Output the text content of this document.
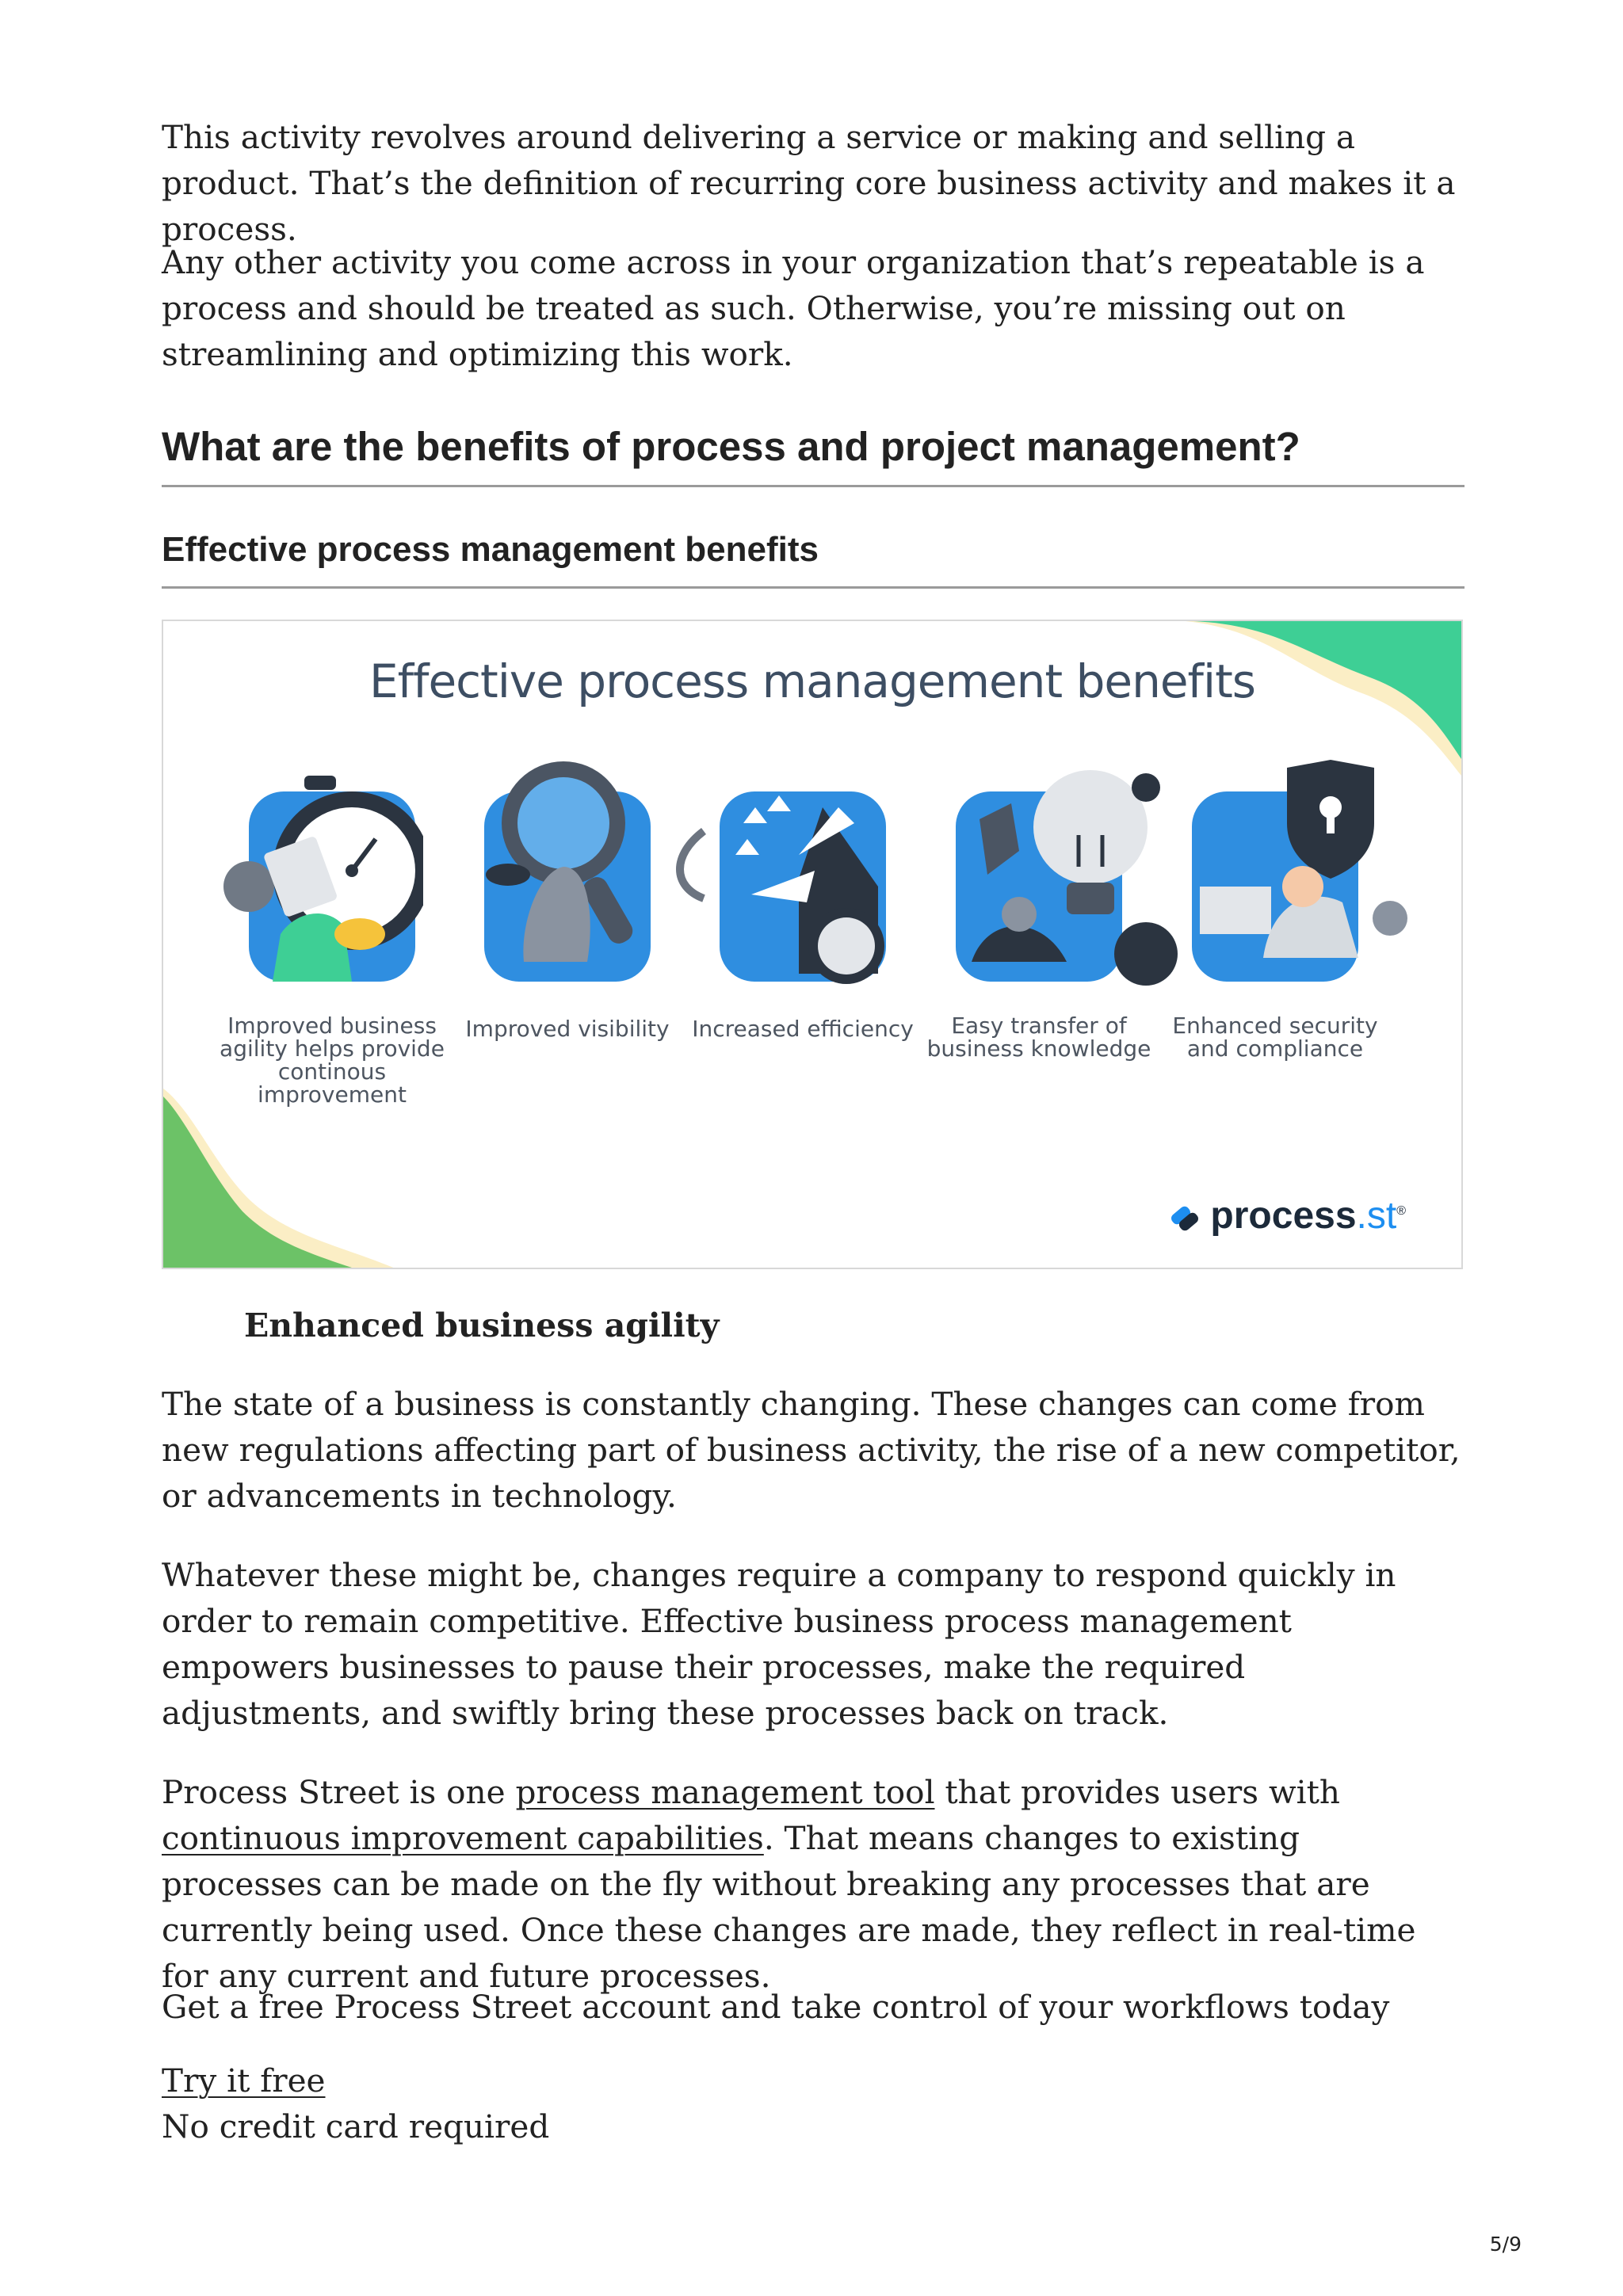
This activity revolves around delivering a service or making and selling a product. That’s the definition of recurring core business activity and makes it a process.

Any other activity you come across in your organization that’s repeatable is a process and should be treated as such. Otherwise, you’re missing out on streamlining and optimizing this work.

What are the benefits of process and project management?
Effective process management benefits
Effective process management benefits
Improved business agility helps provide continous improvement
Improved visibility	Increased efficiency	Easy transfer of business knowledge
Enhanced security and compliance
process.st®
Enhanced business agility

The state of a business is constantly changing. These changes can come from new regulations affecting part of business activity, the rise of a new competitor, or advancements in technology.

Whatever these might be, changes require a company to respond quickly in order to remain competitive. Effective business process management empowers businesses to pause their processes, make the required adjustments, and swiftly bring these processes back on track.

Process Street is one process management tool that provides users with continuous improvement capabilities. That means changes to existing processes can be made on the fly without breaking any processes that are currently being used. Once these changes are made, they reflect in real-time for any current and future processes.

Get a free Process Street account and take control of your workflows today

Try it free
No credit card required
5/9
